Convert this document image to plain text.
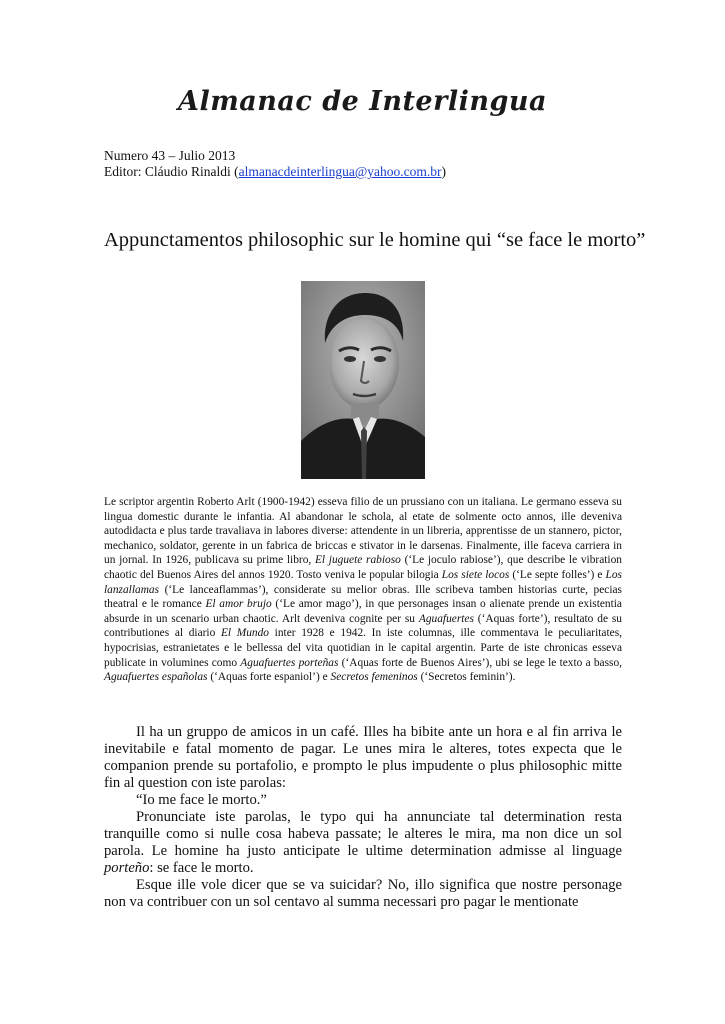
Almanac de Interlingua
Numero 43 – Julio 2013
Editor: Cláudio Rinaldi (almanacdeinterlingua@yahoo.com.br)
Appunctamentos philosophic sur le homine qui “se face le morto”

Le scriptor argentin Roberto Arlt (1900-1942) esseva filio de un prussiano con un italiana. Le germano esseva su lingua domestic durante le infantia. Al abandonar le schola, al etate de solmente octo annos, ille deveniva autodidacta e plus tarde travaliava in labores diverse: attendente in un libreria, apprentisse de un stannero, pictor, mechanico, soldator, gerente in un fabrica de briccas e stivator in le darsenas. Finalmente, ille faceva carriera in un jornal. In 1926, publicava su prime libro, El juguete rabioso (‘Le joculo rabiose’), que describe le vibration chaotic del Buenos Aires del annos 1920. Tosto veniva le popular bilogia Los siete locos (‘Le septe folles’) e Los lanzallamas (‘Le lanceaflammas’), considerate su melior obras. Ille scribeva tamben historias curte, pecias theatral e le romance El amor brujo (‘Le amor mago’), in que personages insan o alienate prende un existentia absurde in un scenario urban chaotic. Arlt deveniva cognite per su Aguafuertes (‘Aquas forte’), resultato de su contributiones al diario El Mundo inter 1928 e 1942. In iste columnas, ille commentava le peculiaritates, hypocrisias, estranietates e le bellessa del vita quotidian in le capital argentin. Parte de iste chronicas esseva publicate in volumines como Aguafuertes porteñas (‘Aquas forte de Buenos Aires’), ubi se lege le texto a basso, Aguafuertes españolas (‘Aquas forte espaniol’) e Secretos femeninos (‘Secretos feminin’).

Il ha un gruppo de amicos in un café. Illes ha bibite ante un hora e al fin arriva le inevitabile e fatal momento de pagar. Le unes mira le alteres, totes expecta que le companion prende su portafolio, e prompto le plus impudente o plus philosophic mitte fin al question con iste parolas:

“Io me face le morto.”

Pronunciate iste parolas, le typo qui ha annunciate tal determination resta tranquille como si nulle cosa habeva passate; le alteres le mira, ma non dice un sol parola. Le homine ha justo anticipate le ultime determination admisse al linguage porteño: se face le morto.

Esque ille vole dicer que se va suicidar? No, illo significa que nostre personage non va contribuer con un sol centavo al summa necessari pro pagar le mentionate
